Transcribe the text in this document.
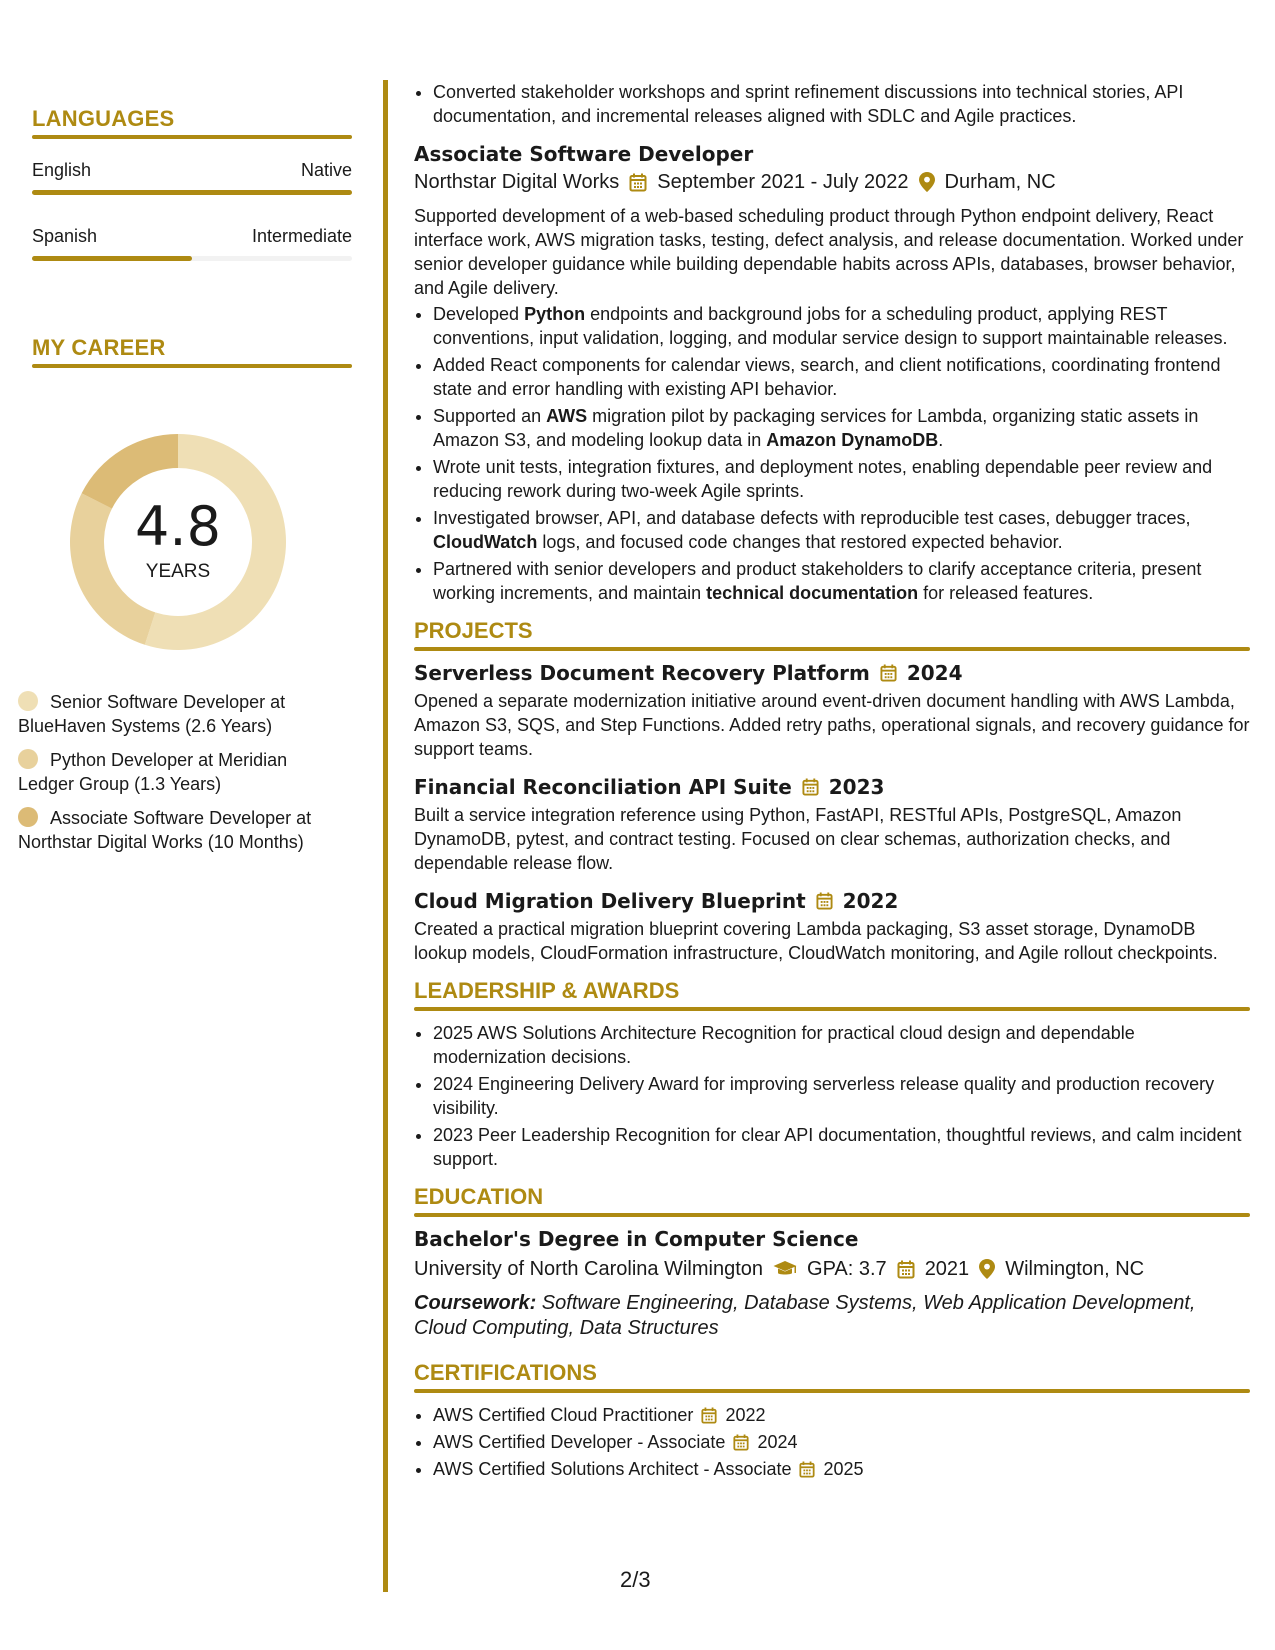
LANGUAGES
English	Native
Spanish	Intermediate
MY CAREER
4.8
YEARS
Senior Software Developer at BlueHaven Systems (2.6 Years)
Python Developer at Meridian Ledger Group (1.3 Years)
Associate Software Developer at Northstar Digital Works (10 Months)
• Converted stakeholder workshops and sprint refinement discussions into technical stories, API documentation, and incremental releases aligned with SDLC and Agile practices.
Associate Software Developer
Northstar Digital Works September 2021 - July 2022 Durham, NC

Supported development of a web-based scheduling product through Python endpoint delivery, React interface work, AWS migration tasks, testing, defect analysis, and release documentation. Worked under senior developer guidance while building dependable habits across APIs, databases, browser behavior, and Agile delivery.

• Developed Python endpoints and background jobs for a scheduling product, applying REST conventions, input validation, logging, and modular service design to support maintainable releases.
• Added React components for calendar views, search, and client notifications, coordinating frontend state and error handling with existing API behavior.
• Supported an AWS migration pilot by packaging services for Lambda, organizing static assets in Amazon S3, and modeling lookup data in Amazon DynamoDB.
• Wrote unit tests, integration fixtures, and deployment notes, enabling dependable peer review and reducing rework during two-week Agile sprints.
• Investigated browser, API, and database defects with reproducible test cases, debugger traces, CloudWatch logs, and focused code changes that restored expected behavior.
• Partnered with senior developers and product stakeholders to clarify acceptance criteria, present working increments, and maintain technical documentation for released features.
PROJECTS
Serverless Document Recovery Platform 2024

Opened a separate modernization initiative around event-driven document handling with AWS Lambda, Amazon S3, SQS, and Step Functions. Added retry paths, operational signals, and recovery guidance for support teams.

Financial Reconciliation API Suite 2023

Built a service integration reference using Python, FastAPI, RESTful APIs, PostgreSQL, Amazon DynamoDB, pytest, and contract testing. Focused on clear schemas, authorization checks, and dependable release flow.

Cloud Migration Delivery Blueprint 2022

Created a practical migration blueprint covering Lambda packaging, S3 asset storage, DynamoDB lookup models, CloudFormation infrastructure, CloudWatch monitoring, and Agile rollout checkpoints.

LEADERSHIP & AWARDS
• 2025 AWS Solutions Architecture Recognition for practical cloud design and dependable modernization decisions.
• 2024 Engineering Delivery Award for improving serverless release quality and production recovery visibility.
• 2023 Peer Leadership Recognition for clear API documentation, thoughtful reviews, and calm incident support.
EDUCATION
Bachelor's Degree in Computer Science
University of North Carolina Wilmington GPA: 3.7 2021 Wilmington, NC
Coursework: Software Engineering, Database Systems, Web Application Development, Cloud Computing, Data Structures
CERTIFICATIONS
• AWS Certified Cloud Practitioner 2022
• AWS Certified Developer - Associate 2024
• AWS Certified Solutions Architect - Associate 2025
2/3
